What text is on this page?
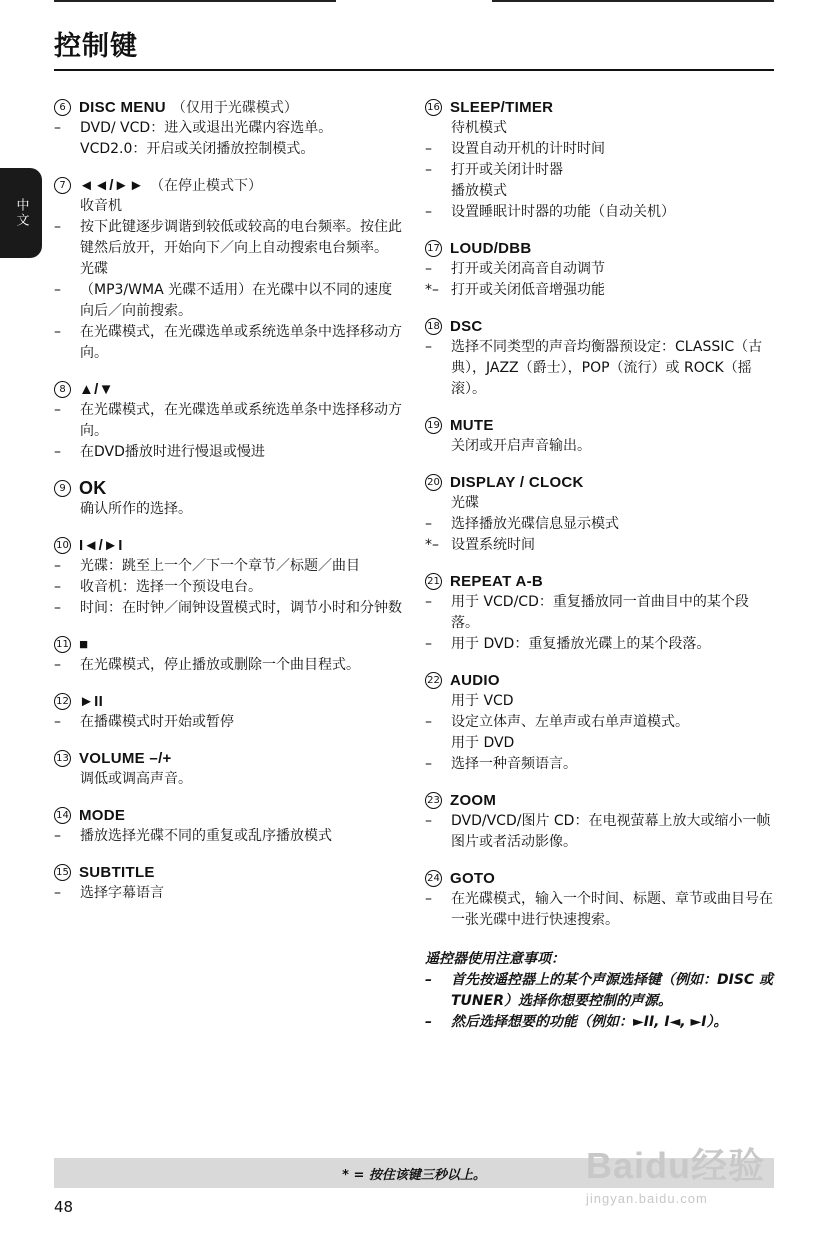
控制键
中文
6 DISC MENU （仅用于光碟模式）
–	DVD/ VCD：进入或退出光碟内容选单。
VCD2.0：开启或关闭播放控制模式。
7 ◄◄/►► （在停止模式下）
收音机
–	按下此键逐步调谐到较低或较高的电台频率。按住此键然后放开，开始向下／向上自动搜索电台频率。
光碟
–	（MP3/WMA 光碟不适用）在光碟中以不同的速度向后／向前搜索。
–	在光碟模式，在光碟选单或系统选单条中选择移动方向。
8 ▲/▼
–	在光碟模式，在光碟选单或系统选单条中选择移动方向。
–	在DVD播放时进行慢退或慢进
9 OK
确认所作的选择。
10 I◄/►I
–	光碟：跳至上一个／下一个章节／标题／曲目
–	收音机：选择一个预设电台。
–	时间：在时钟／闹钟设置模式时，调节小时和分钟数
11 ■
–	在光碟模式，停止播放或删除一个曲目程式。
12 ►II
–	在播碟模式时开始或暂停
13 VOLUME –/+
调低或调高声音。
14 MODE
–	播放选择光碟不同的重复或乱序播放模式
15 SUBTITLE
–	选择字幕语言
16 SLEEP/TIMER
待机模式
–	设置自动开机的计时时间
–	打开或关闭计时器
播放模式
–	设置睡眠计时器的功能（自动关机）
17 LOUD/DBB
–	打开或关闭高音自动调节
*– 打开或关闭低音增强功能
18 DSC
–	选择不同类型的声音均衡器预设定：CLASSIC（古典），JAZZ（爵士），POP（流行）或 ROCK（摇滚）。
19 MUTE
关闭或开启声音输出。
20 DISPLAY / CLOCK
光碟
–	选择播放光碟信息显示模式
*– 设置系统时间
21 REPEAT A-B
–	用于 VCD/CD：重复播放同一首曲目中的某个段落。
–	用于 DVD：重复播放光碟上的某个段落。
22 AUDIO
用于 VCD
–	设定立体声、左单声或右单声道模式。
用于 DVD
–	选择一种音频语言。
23 ZOOM
–	DVD/VCD/图片 CD：在电视萤幕上放大或缩小一帧图片或者活动影像。
24 GOTO
–	在光碟模式，输入一个时间、标题、章节或曲目号在一张光碟中进行快速搜索。
遥控器使用注意事项：
–	首先按遥控器上的某个声源选择键（例如：DISC 或 TUNER）选择你想要控制的声源。
–	然后选择想要的功能（例如：►II, I◄, ►I）。
* = 按住该键三秒以上。
48
Baidu经验
jingyan.baidu.com
